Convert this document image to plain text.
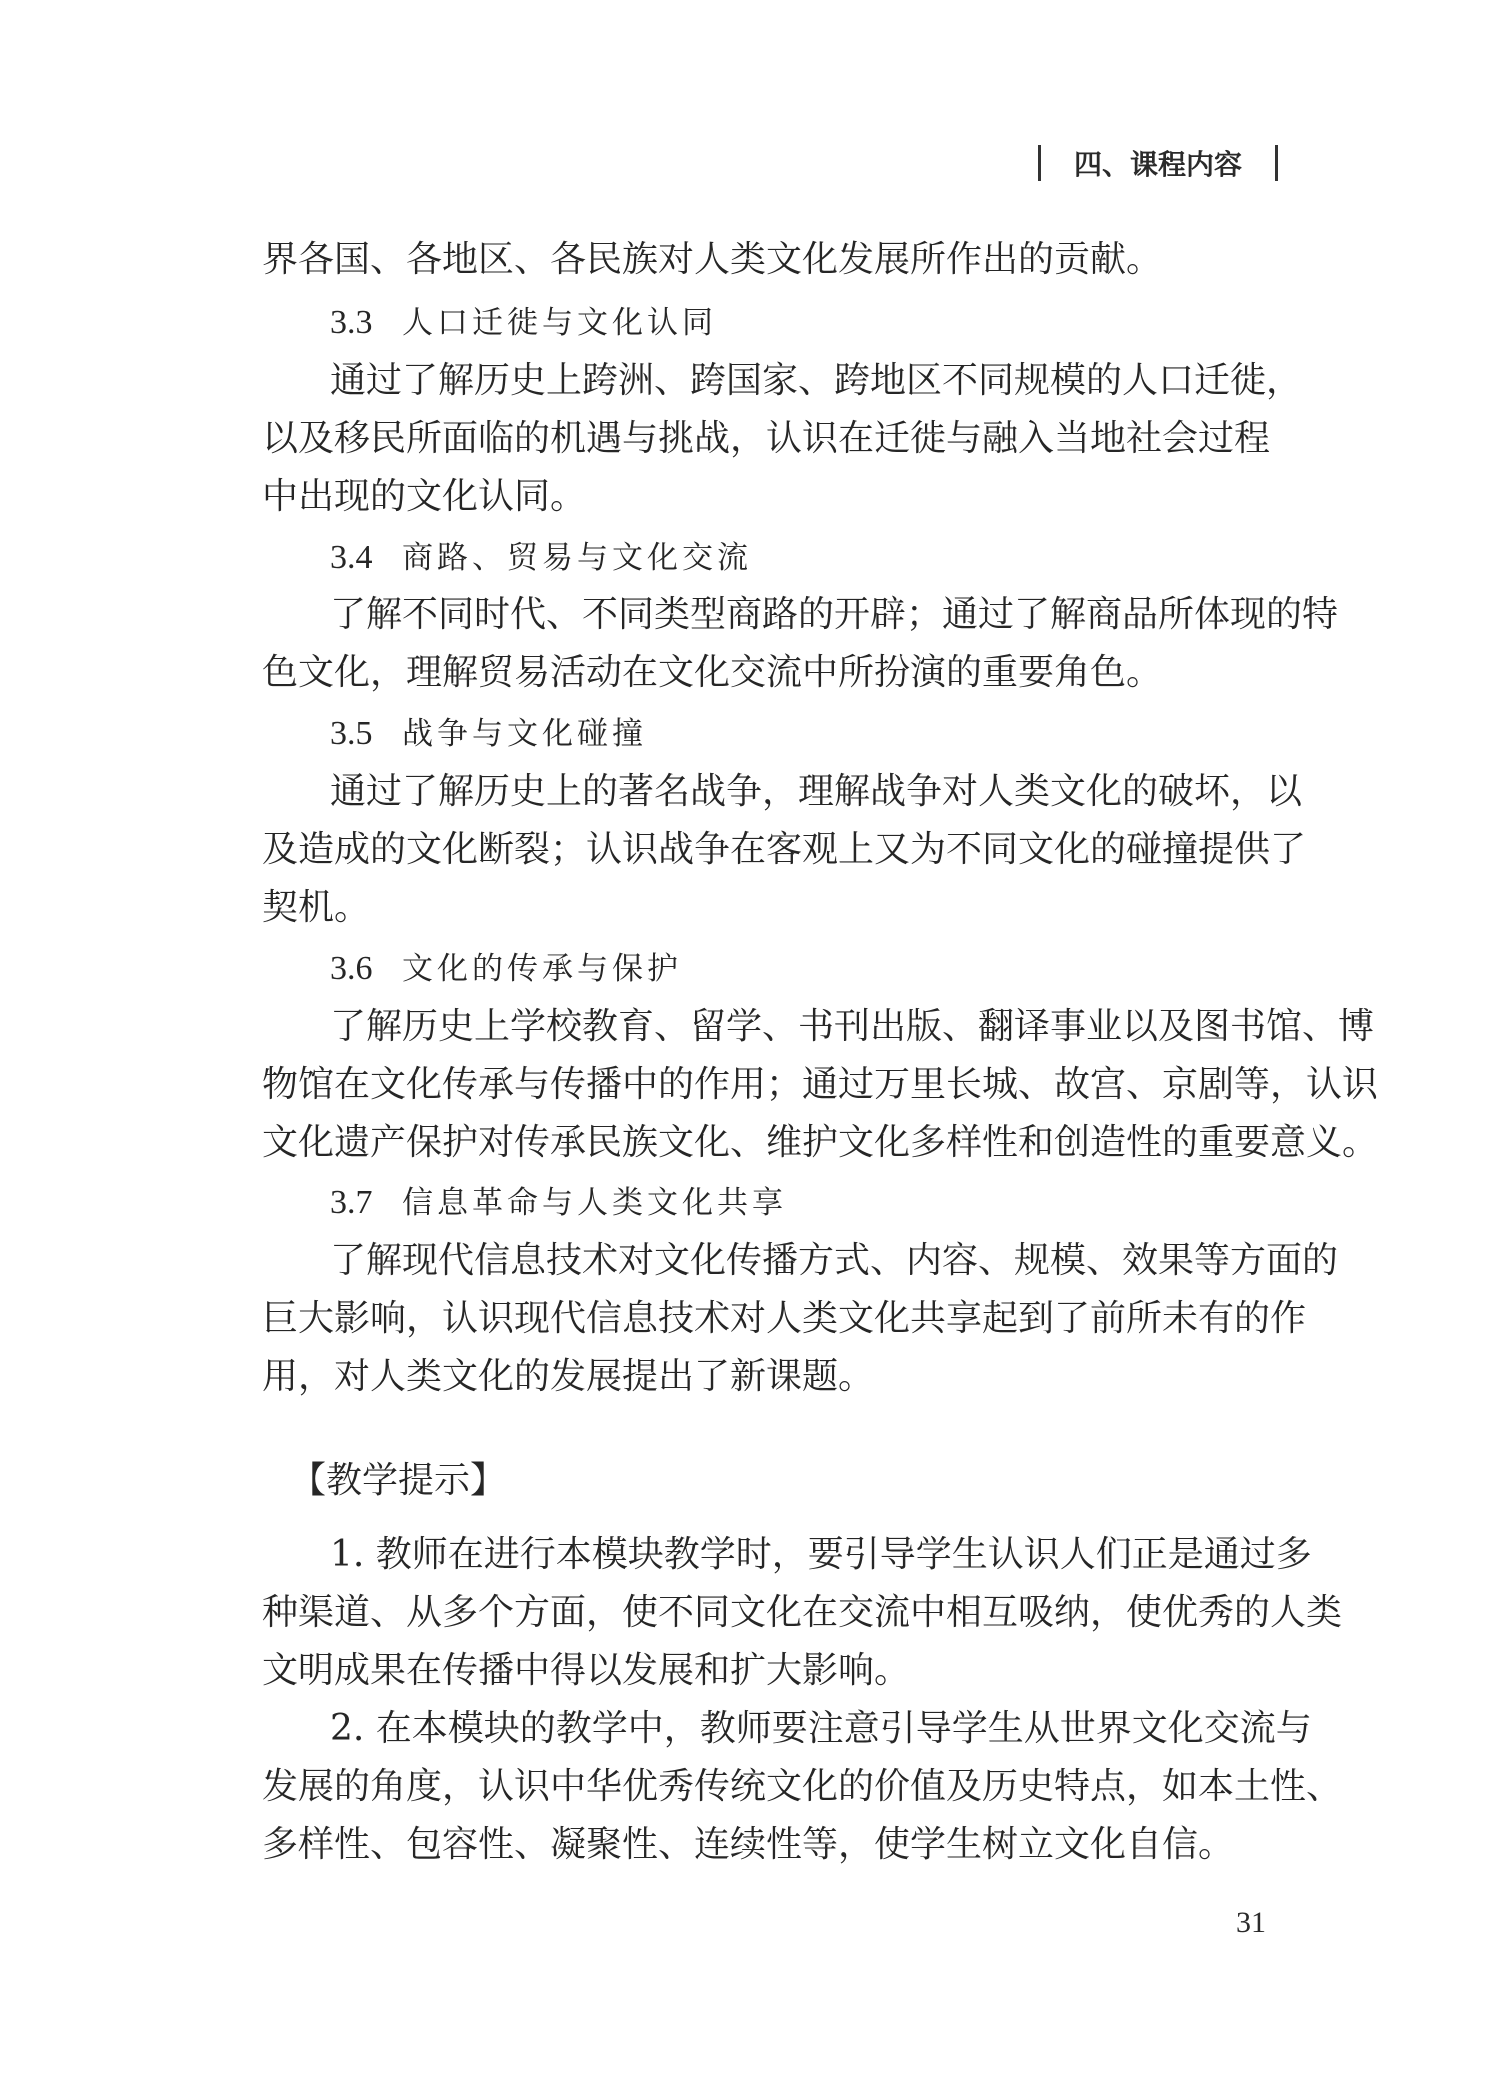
四、课程内容
界各国、各地区、各民族对人类文化发展所作出的贡献。
3.3 人口迁徙与文化认同
通过了解历史上跨洲、跨国家、跨地区不同规模的人口迁徙，
以及移民所面临的机遇与挑战，认识在迁徙与融入当地社会过程
中出现的文化认同。
3.4 商路、贸易与文化交流
了解不同时代、不同类型商路的开辟；通过了解商品所体现的特
色文化，理解贸易活动在文化交流中所扮演的重要角色。
3.5 战争与文化碰撞
通过了解历史上的著名战争，理解战争对人类文化的破坏，以
及造成的文化断裂；认识战争在客观上又为不同文化的碰撞提供了
契机。
3.6 文化的传承与保护
了解历史上学校教育、留学、书刊出版、翻译事业以及图书馆、博
物馆在文化传承与传播中的作用；通过万里长城、故宫、京剧等，认识
文化遗产保护对传承民族文化、维护文化多样性和创造性的重要意义。
3.7 信息革命与人类文化共享
了解现代信息技术对文化传播方式、内容、规模、效果等方面的
巨大影响，认识现代信息技术对人类文化共享起到了前所未有的作
用，对人类文化的发展提出了新课题。
【教学提示】
1. 教师在进行本模块教学时，要引导学生认识人们正是通过多
种渠道、从多个方面，使不同文化在交流中相互吸纳，使优秀的人类
文明成果在传播中得以发展和扩大影响。
2. 在本模块的教学中，教师要注意引导学生从世界文化交流与
发展的角度，认识中华优秀传统文化的价值及历史特点，如本土性、
多样性、包容性、凝聚性、连续性等，使学生树立文化自信。
31
